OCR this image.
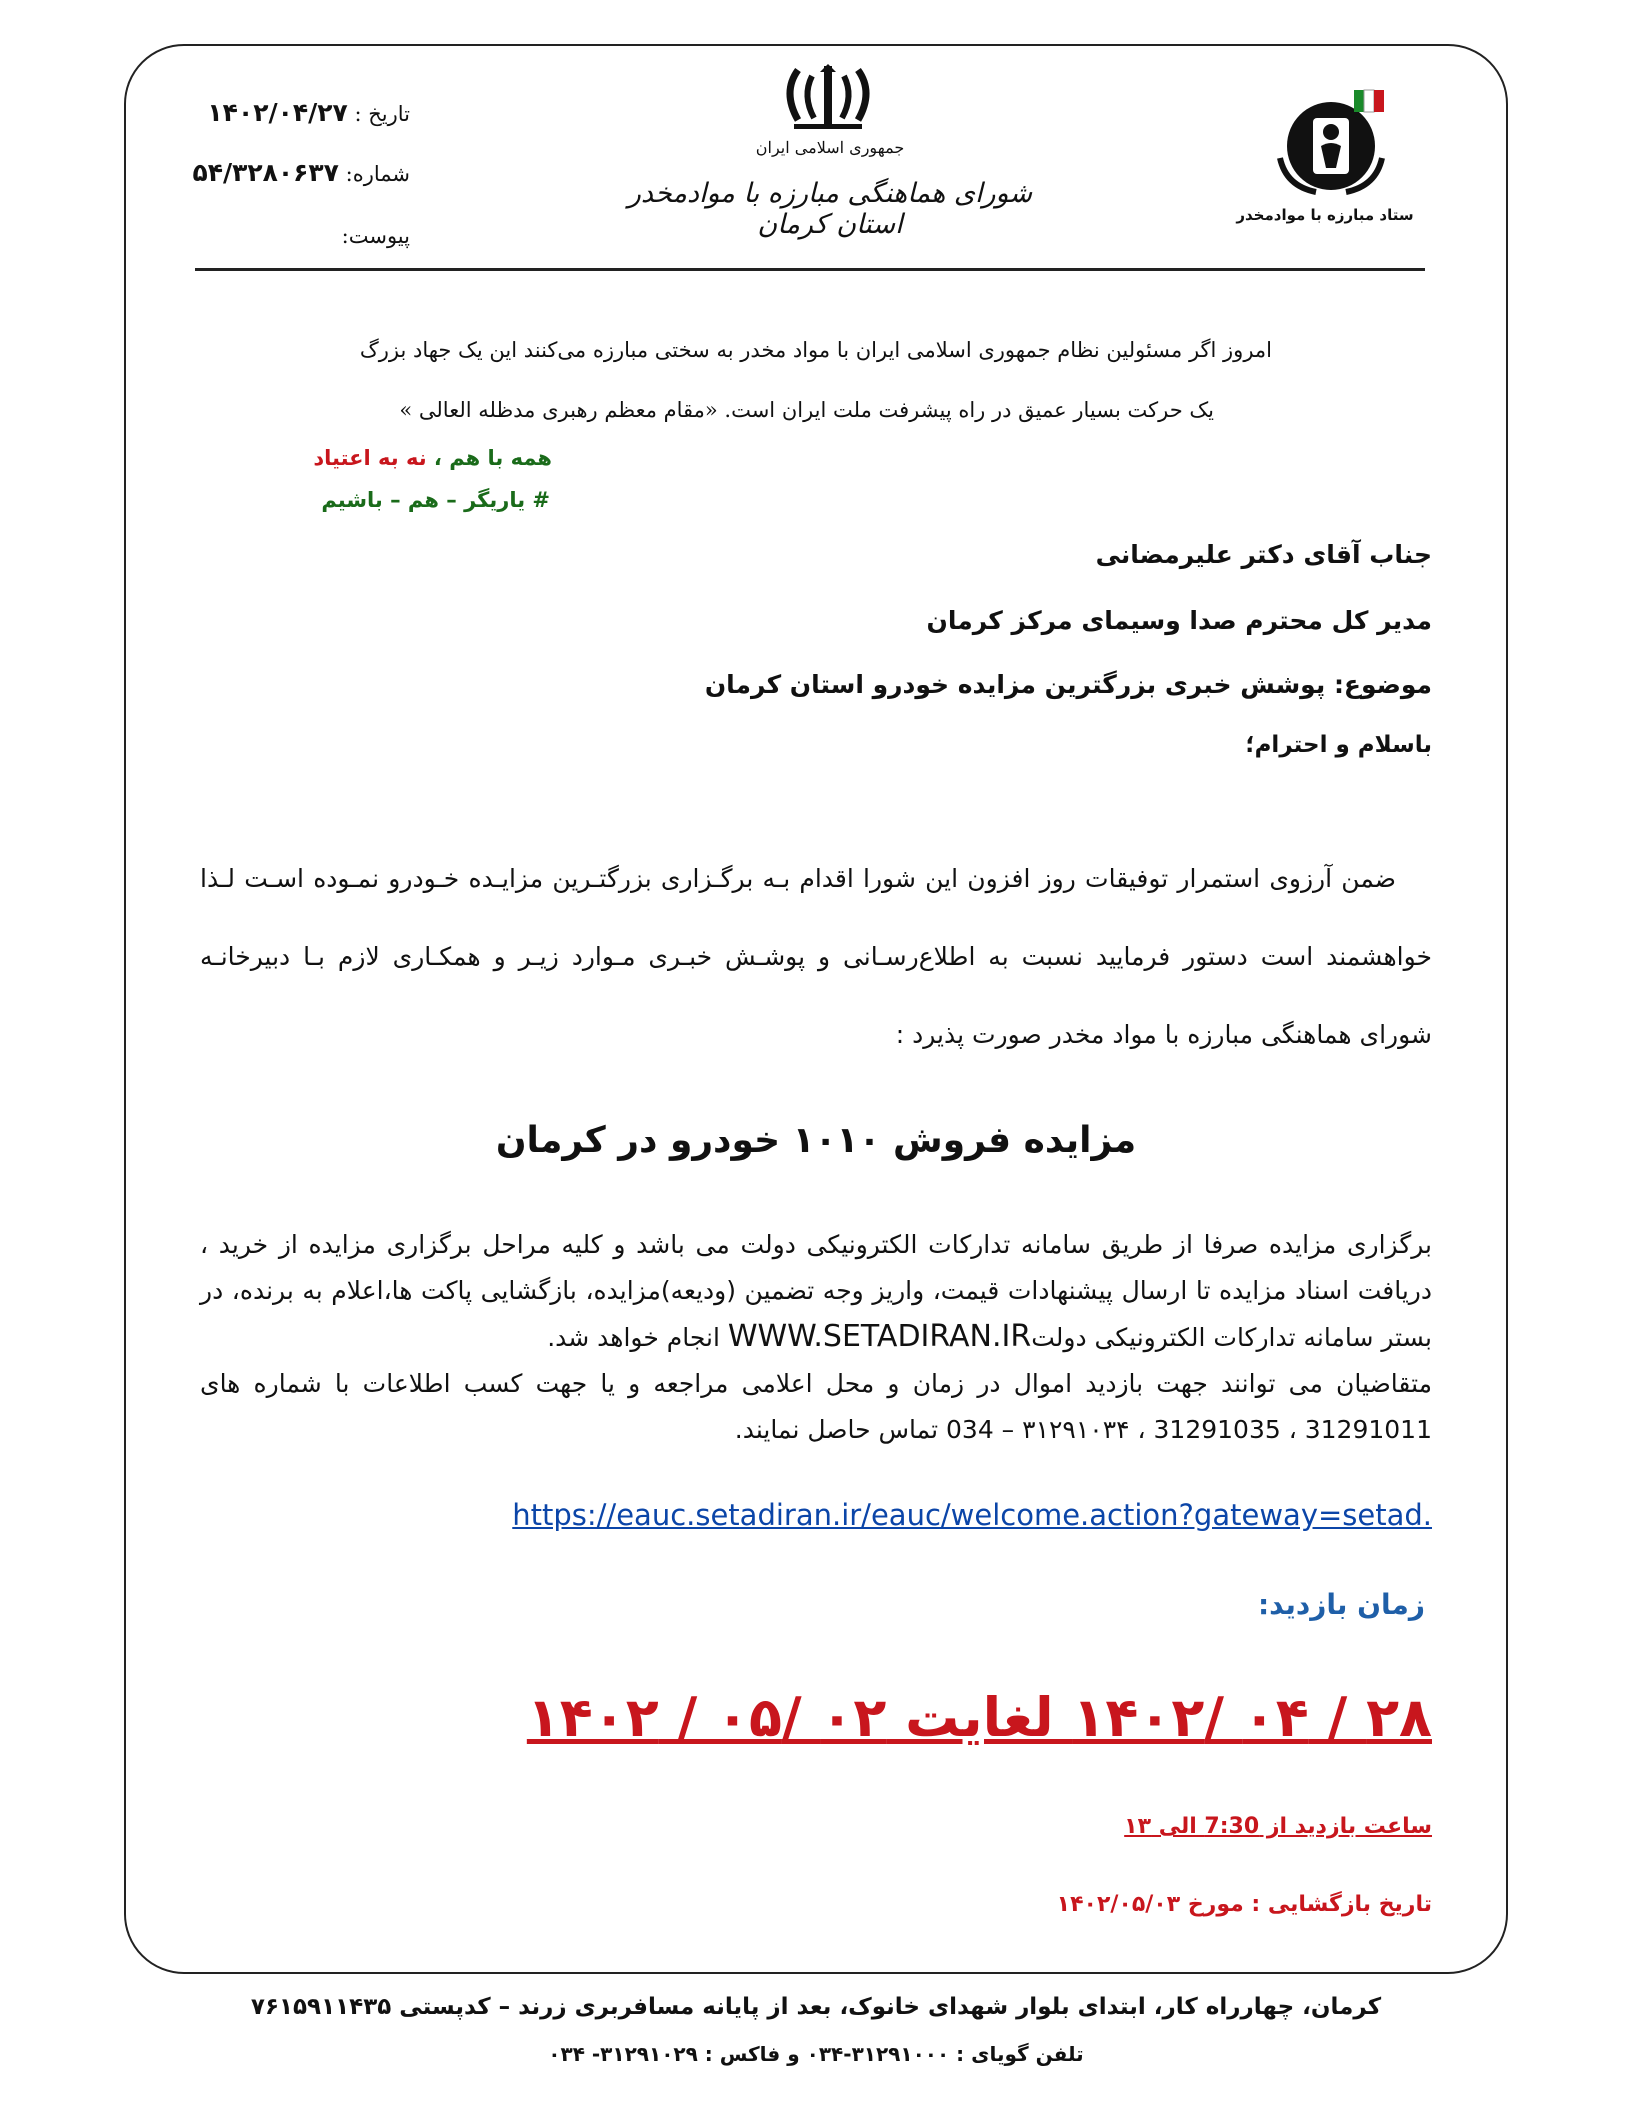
تاریخ : ۱۴۰۲/۰۴/۲۷
شماره: ۵۴/۳۲۸۰۶۳۷
پیوست:
جمهوری اسلامی ایران
شورای هماهنگی مبارزه با موادمخدر استان کرمان	ستاد مبارزه با موادمخدر
امروز اگر مسئولین نظام جمهوری اسلامی ایران با مواد مخدر به سختی مبارزه می‌کنند این یک جهاد بزرگ
یک حرکت بسیار عمیق در راه پیشرفت ملت ایران است. «مقام معظم رهبری مدظله العالی »
همه با هم ، نه به اعتیاد
# یاریگر – هم – باشیم
جناب آقای دکتر علیرمضانی
مدیر کل محترم صدا وسیمای مرکز کرمان
موضوع: پوشش خبری بزرگترین مزایده خودرو استان کرمان
باسلام و احترام؛
ضمن آرزوی استمرار توفیقات روز افزون این شورا اقدام بـه برگـزاری بزرگتـرین مزایـده خـودرو نمـوده اسـت لـذا خواهشمند است دستور فرمایید نسبت به اطلاع‌رسـانی و پوشـش خبـری مـوارد زیـر و همکـاری لازم بـا دبیرخانـه شورای هماهنگی مبارزه با مواد مخدر صورت پذیرد :
مزایده فروش ۱۰۱۰ خودرو در کرمان
برگزاری مزایده صرفا از طریق سامانه تدارکات الکترونیکی دولت می باشد و کلیه مراحل برگزاری مزایده از خرید ، دریافت اسناد مزایده تا ارسال پیشنهادات قیمت، واریز وجه تضمین (ودیعه)مزایده، بازگشایی پاکت ها،اعلام به برنده، در بستر سامانه تدارکات الکترونیکی دولتWWW.SETADIRAN.IR انجام خواهد شد.
متقاضیان می توانند جهت بازدید اموال در زمان و محل اعلامی مراجعه و یا جهت کسب اطلاعات با شماره های 31291011 ، 31291035 ، ۳۱۲۹۱۰۳۴ – 034 تماس حاصل نمایند.
https://eauc.setadiran.ir/eauc/welcome.action?gateway=setad.
زمان بازدید:
۲۸ / ۰۴ /۱۴۰۲ لغایت ۰۲ /۰۵ / ۱۴۰۲
ساعت بازدید از 7:30 الی ۱۳
تاریخ بازگشایی : مورخ ۱۴۰۲/۰۵/۰۳
کرمان، چهارراه کار، ابتدای بلوار شهدای خانوک، بعد از پایانه مسافربری زرند – کدپستی ۷۶۱۵۹۱۱۴۳۵
تلفن گویای : ۳۱۲۹۱۰۰۰-۰۳۴ و فاکس : ۳۱۲۹۱۰۲۹- ۰۳۴
